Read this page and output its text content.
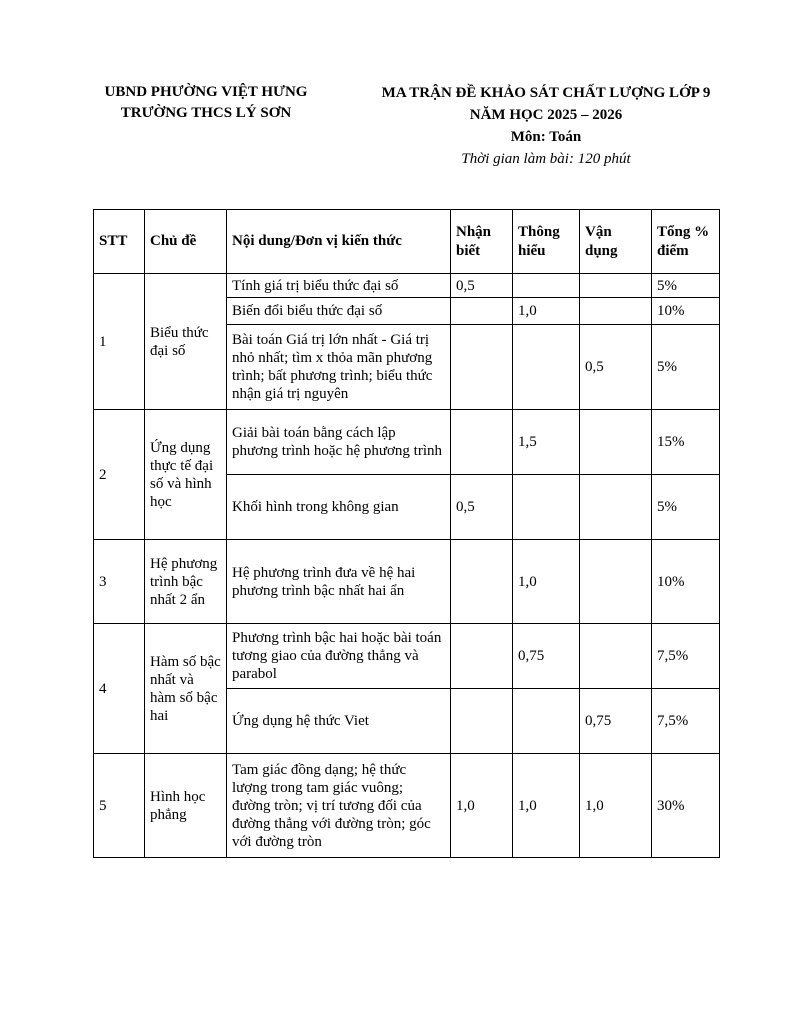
UBND PHƯỜNG VIỆT HƯNG
TRƯỜNG THCS LÝ SƠN
MA TRẬN ĐỀ KHẢO SÁT CHẤT LƯỢNG LỚP 9
NĂM HỌC 2025 – 2026
Môn: Toán
Thời gian làm bài: 120 phút
STT	Chủ đề	Nội dung/Đơn vị kiến thức	Nhận biết	Thông hiểu	Vận dụng	Tổng % điểm
1	Biểu thức đại số	Tính giá trị biểu thức đại số	0,5			5%
		Biến đổi biểu thức đại số		1,0		10%
		Bài toán Giá trị lớn nhất - Giá trị nhỏ nhất; tìm x thỏa mãn phương trình; bất phương trình; biểu thức nhận giá trị nguyên			0,5	5%
2	Ứng dụng thực tế đại số và hình học	Giải bài toán bằng cách lập phương trình hoặc hệ phương trình		1,5		15%
		Khối hình trong không gian	0,5			5%
3	Hệ phương trình bậc nhất 2 ẩn	Hệ phương trình đưa về hệ hai phương trình bậc nhất hai ẩn		1,0		10%
4	Hàm số bậc nhất và hàm số bậc hai	Phương trình bậc hai hoặc bài toán tương giao của đường thẳng và parabol		0,75		7,5%
		Ứng dụng hệ thức Viet			0,75	7,5%
5	Hình học phẳng	Tam giác đồng dạng; hệ thức lượng trong tam giác vuông; đường tròn; vị trí tương đối của đường thẳng với đường tròn; góc với đường tròn	1,0	1,0	1,0	30%
